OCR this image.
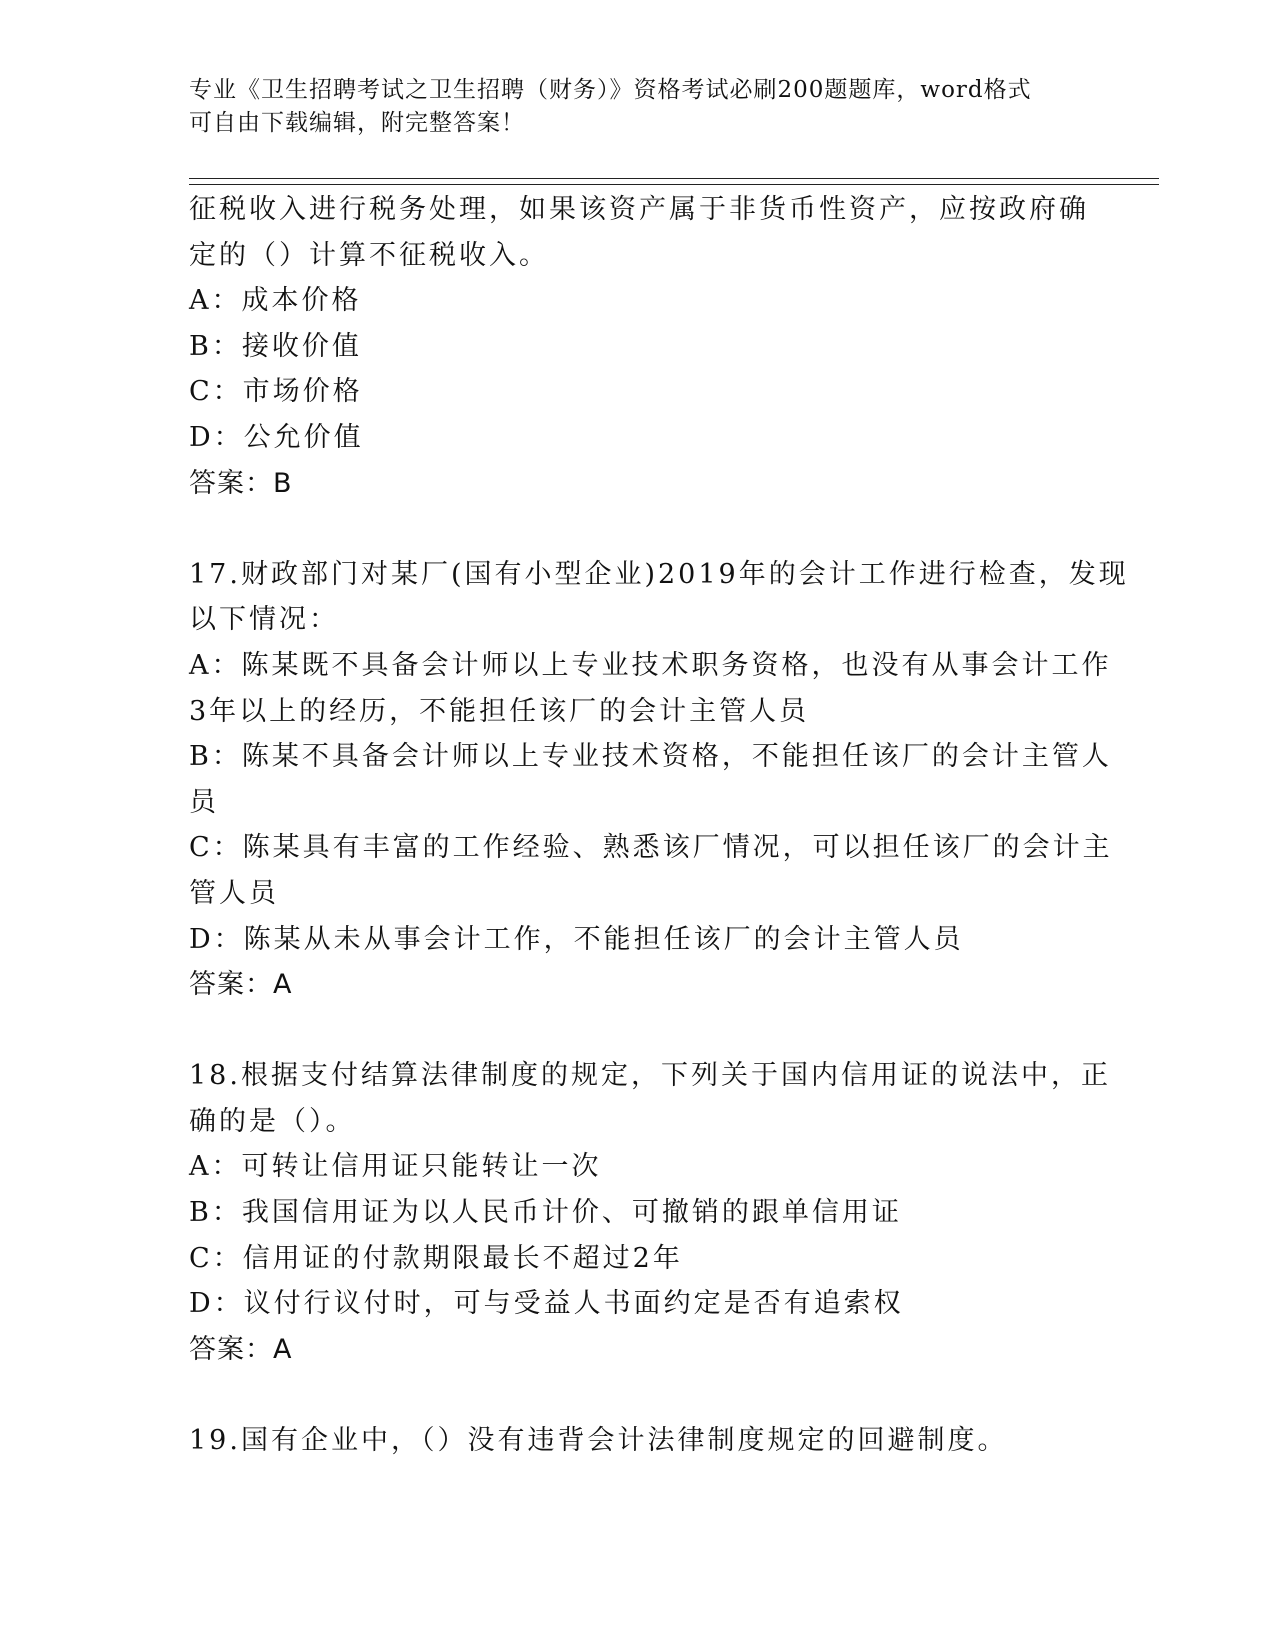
专业《卫生招聘考试之卫生招聘（财务）》资格考试必刷200题题库，word格式
可自由下载编辑，附完整答案！
征税收入进行税务处理，如果该资产属于非货币性资产，应按政府确
定的（）计算不征税收入。
A：成本价格
B：接收价值
C：市场价格
D：公允价值
答案：B
17.财政部门对某厂(国有小型企业)2019年的会计工作进行检查，发现
以下情况：
A：陈某既不具备会计师以上专业技术职务资格，也没有从事会计工作
3年以上的经历，不能担任该厂的会计主管人员
B：陈某不具备会计师以上专业技术资格，不能担任该厂的会计主管人
员
C：陈某具有丰富的工作经验、熟悉该厂情况，可以担任该厂的会计主
管人员
D：陈某从未从事会计工作，不能担任该厂的会计主管人员
答案：A
18.根据支付结算法律制度的规定，下列关于国内信用证的说法中，正
确的是（）。
A：可转让信用证只能转让一次
B：我国信用证为以人民币计价、可撤销的跟单信用证
C：信用证的付款期限最长不超过2年
D：议付行议付时，可与受益人书面约定是否有追索权
答案：A
19.国有企业中，（）没有违背会计法律制度规定的回避制度。
